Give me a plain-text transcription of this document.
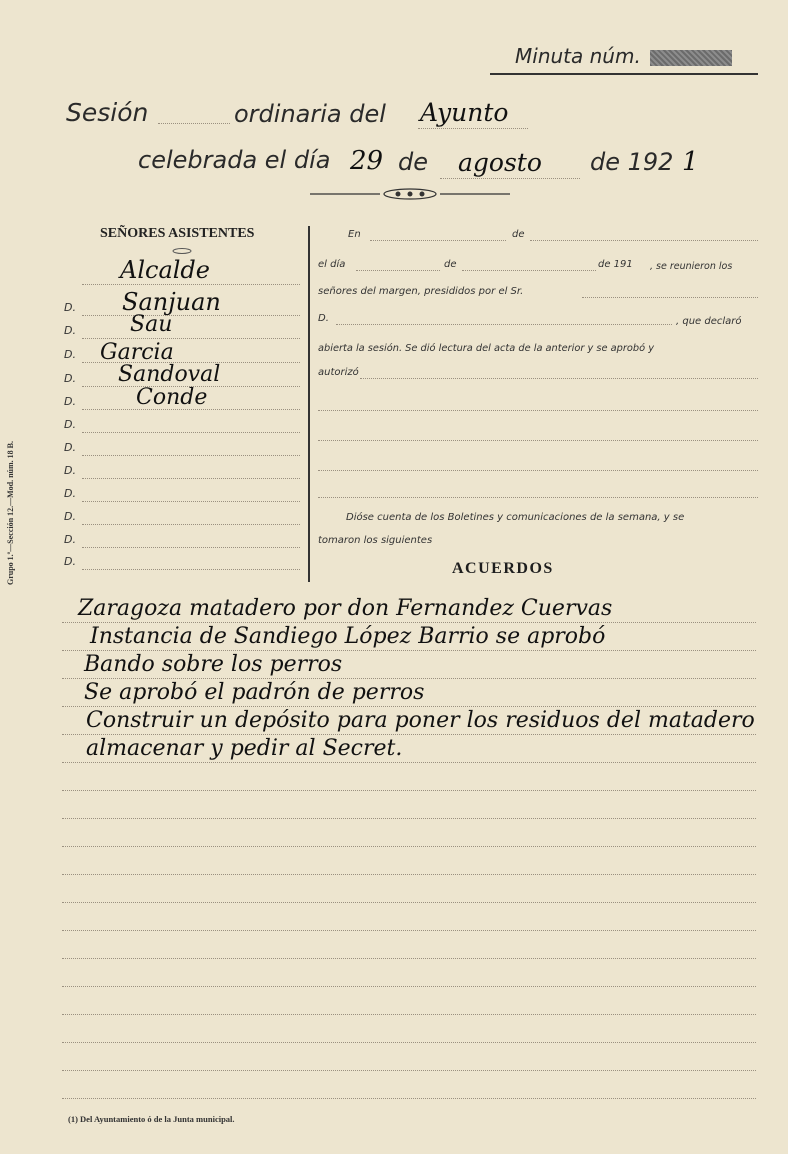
Minuta núm.
Sesión	ordinaria del Ayunto
celebrada el día 29 de agosto de 192 1
SEÑORES ASISTENTES
Alcalde
D. Sanjuan
D. Sau
D. Garcia
D. Sandoval
D.	Conde
D.
D.
D.
D.
D.
D.
D.
Grupo 1.º—Sección 12.—Mod. núm. 18 B.
En	de
el día	de	de 191 , se reunieron los
señores del margen, presididos por el Sr.
D.	, que declaró
abierta la sesión. Se dió lectura del acta de la anterior y se aprobó y
autorizó
Dióse cuenta de los Boletines y comunicaciones de la semana, y se
tomaron los siguientes
ACUERDOS
Zaragoza matadero por don Fernandez Cuervas
Instancia de Sandiego López Barrio se aprobó
Bando sobre los perros
Se aprobó el padrón de perros
Construir un depósito para poner los residuos del matadero
almacenar y pedir al Secret.
(1) Del Ayuntamiento ó de la Junta municipal.
